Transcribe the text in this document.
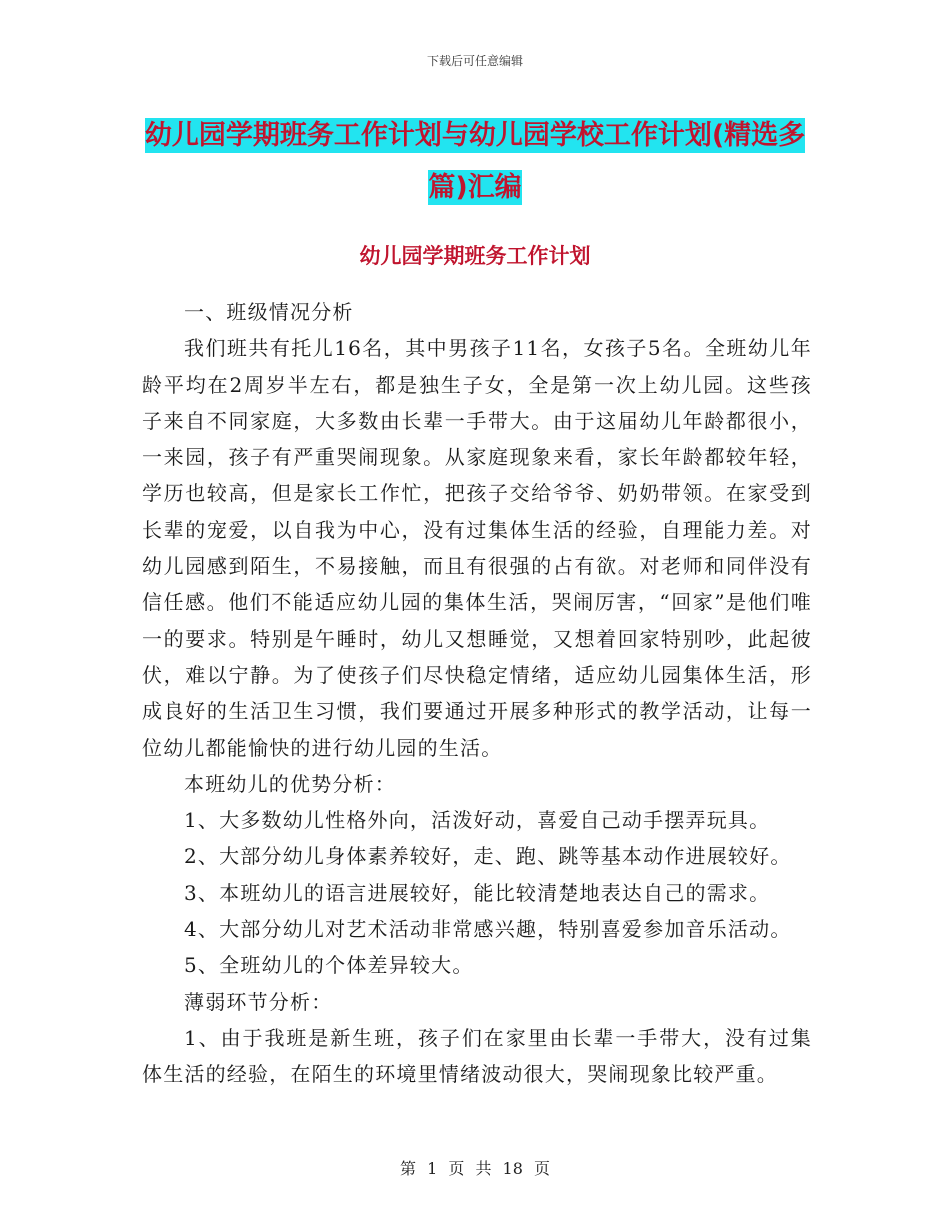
下载后可任意编辑
幼儿园学期班务工作计划与幼儿园学校工作计划(精选多篇)汇编
幼儿园学期班务工作计划

一、班级情况分析

我们班共有托儿16名，其中男孩子11名，女孩子5名。全班幼儿年龄平均在2周岁半左右，都是独生子女，全是第一次上幼儿园。这些孩子来自不同家庭，大多数由长辈一手带大。由于这届幼儿年龄都很小，一来园，孩子有严重哭闹现象。从家庭现象来看，家长年龄都较年轻，学历也较高，但是家长工作忙，把孩子交给爷爷、奶奶带领。在家受到长辈的宠爱，以自我为中心，没有过集体生活的经验，自理能力差。对幼儿园感到陌生，不易接触，而且有很强的占有欲。对老师和同伴没有信任感。他们不能适应幼儿园的集体生活，哭闹厉害，“回家”是他们唯一的要求。特别是午睡时，幼儿又想睡觉，又想着回家特别吵，此起彼伏，难以宁静。为了使孩子们尽快稳定情绪，适应幼儿园集体生活，形成良好的生活卫生习惯，我们要通过开展多种形式的教学活动，让每一位幼儿都能愉快的进行幼儿园的生活。

本班幼儿的优势分析：

1、大多数幼儿性格外向，活泼好动，喜爱自己动手摆弄玩具。

2、大部分幼儿身体素养较好，走、跑、跳等基本动作进展较好。

3、本班幼儿的语言进展较好，能比较清楚地表达自己的需求。

4、大部分幼儿对艺术活动非常感兴趣，特别喜爱参加音乐活动。

5、全班幼儿的个体差异较大。

薄弱环节分析：

1、由于我班是新生班，孩子们在家里由长辈一手带大，没有过集体生活的经验，在陌生的环境里情绪波动很大，哭闹现象比较严重。

第 1 页 共 18 页
